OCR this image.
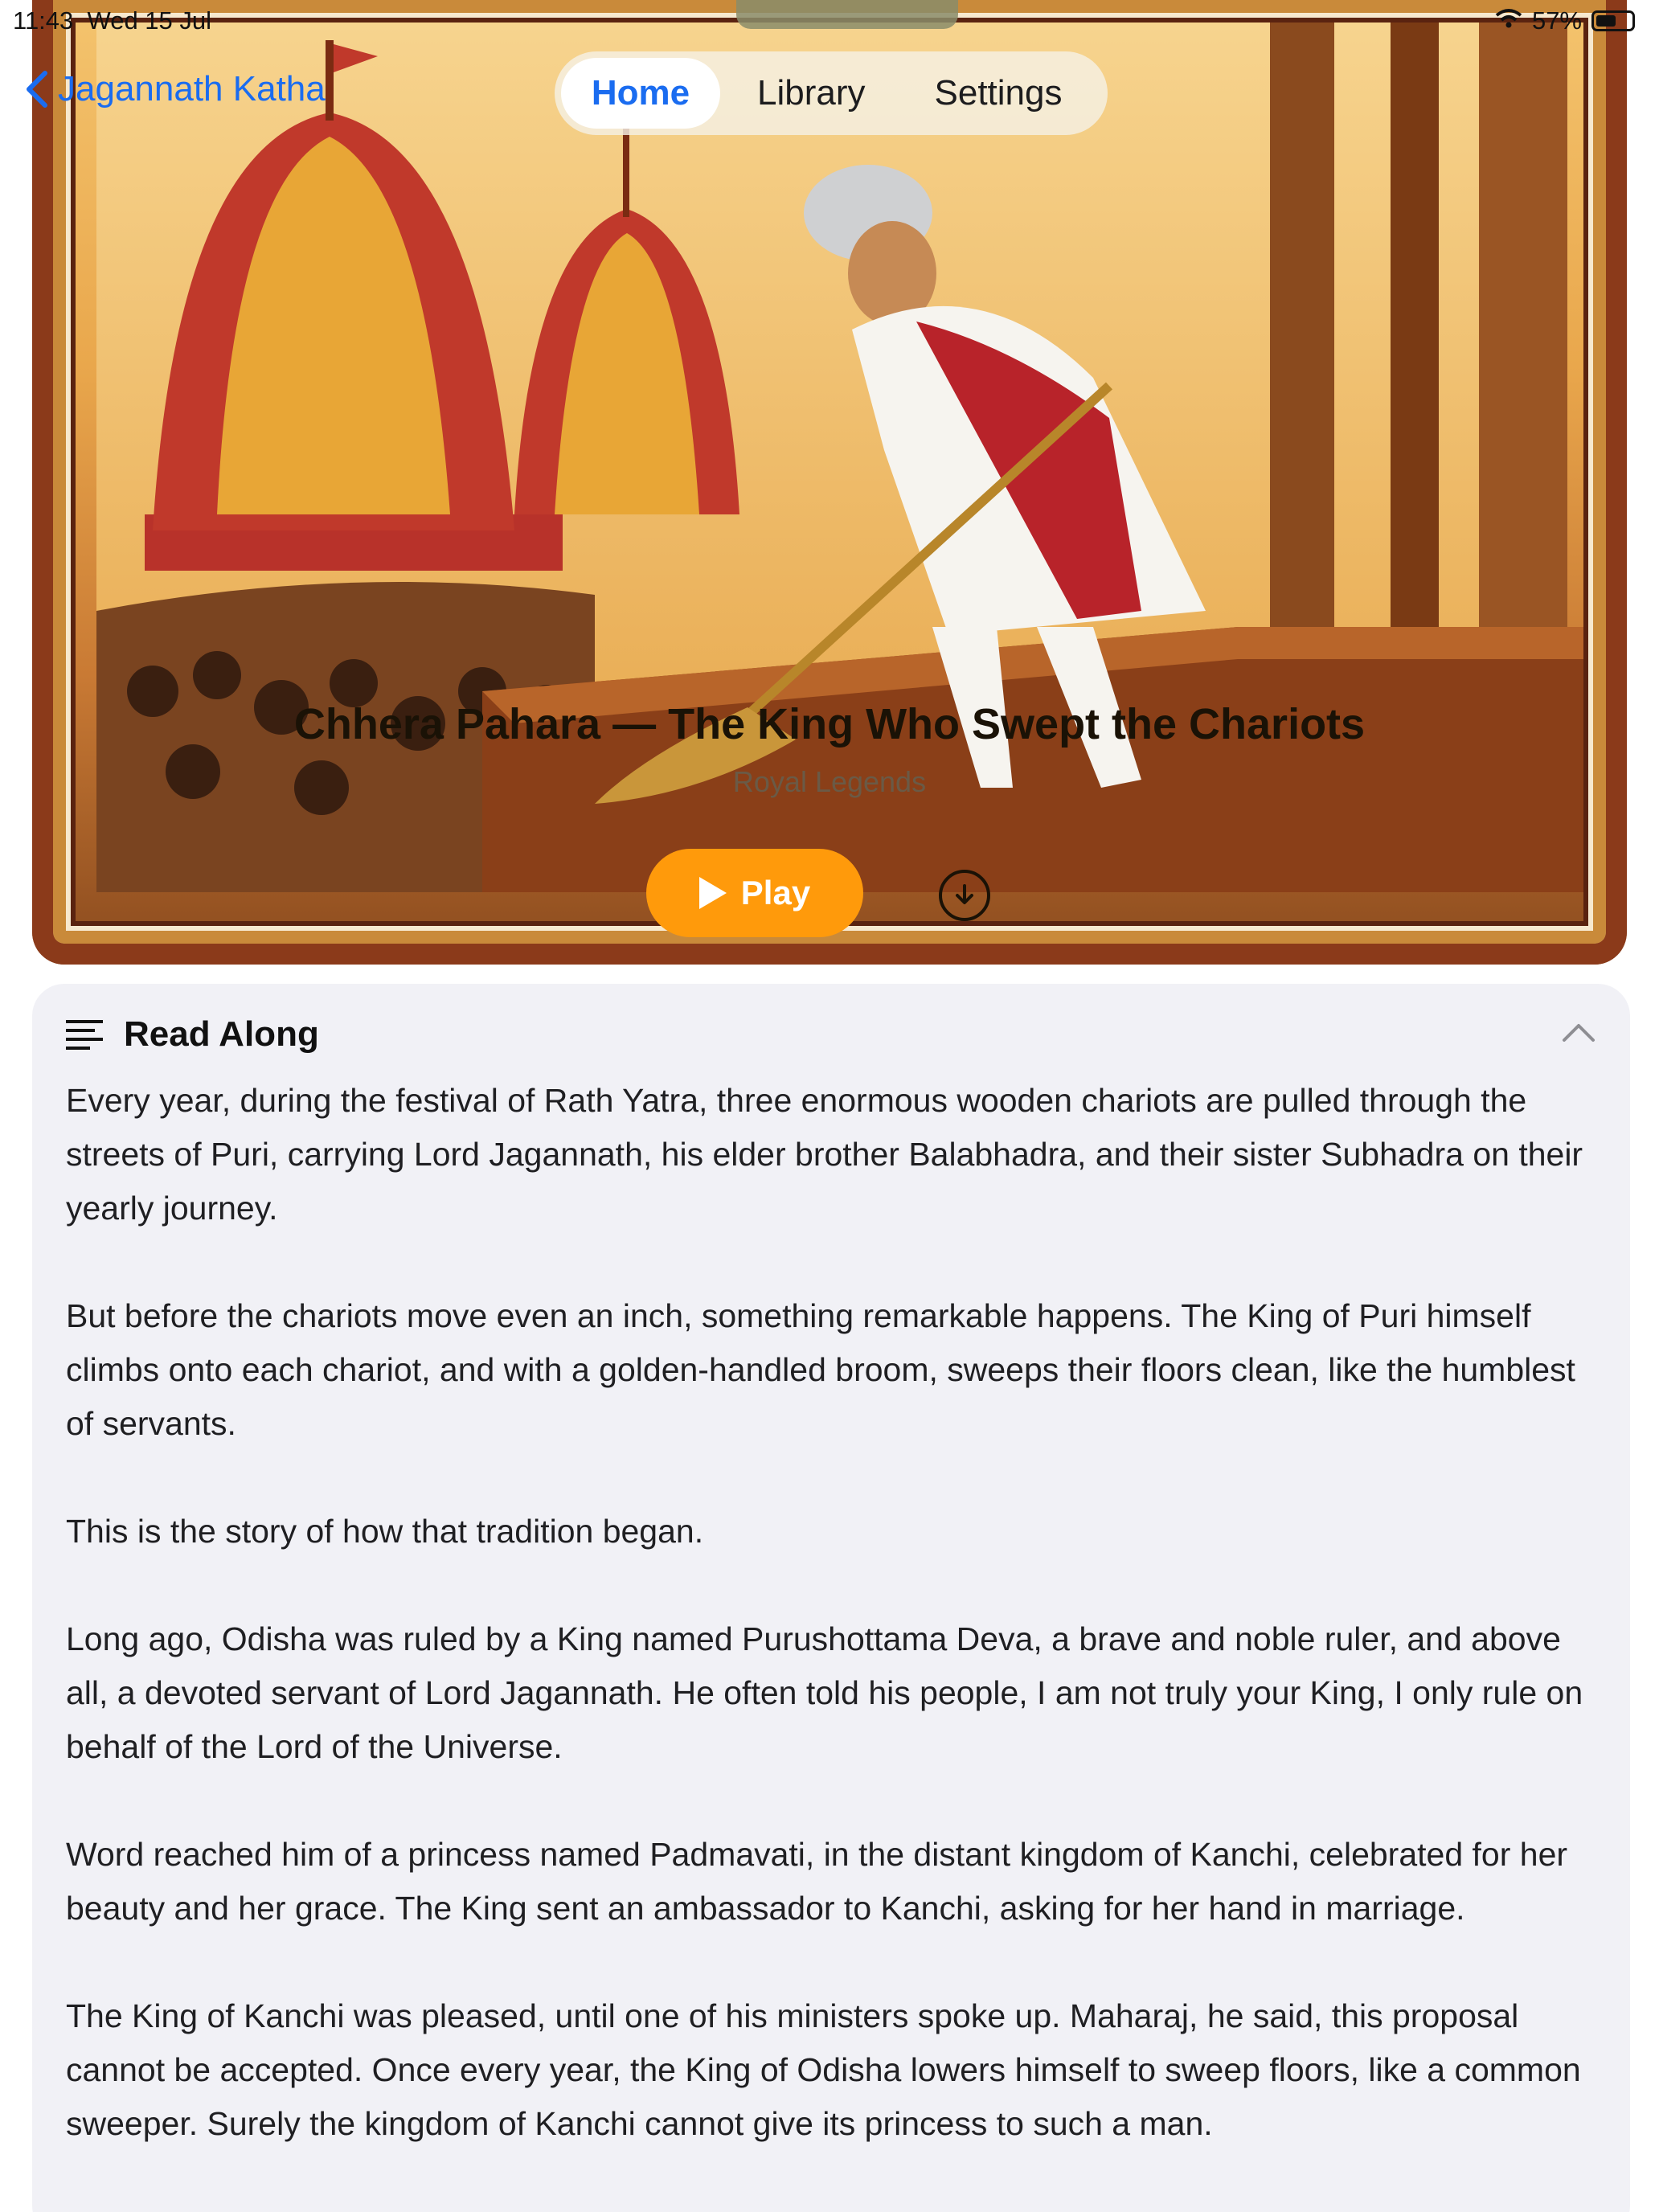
11:43 Wed 15 Jul	57%
Jagannath Katha	Home	Library	Settings
Chhera Pahara — The King Who Swept the Chariots
Royal Legends
Play
Read Along

Every year, during the festival of Rath Yatra, three enormous wooden chariots are pulled through the streets of Puri, carrying Lord Jagannath, his elder brother Balabhadra, and their sister Subhadra on their yearly journey.

But before the chariots move even an inch, something remarkable happens. The King of Puri himself climbs onto each chariot, and with a golden-handled broom, sweeps their floors clean, like the humblest of servants.

This is the story of how that tradition began.

Long ago, Odisha was ruled by a King named Purushottama Deva, a brave and noble ruler, and above all, a devoted servant of Lord Jagannath. He often told his people, I am not truly your King, I only rule on behalf of the Lord of the Universe.

Word reached him of a princess named Padmavati, in the distant kingdom of Kanchi, celebrated for her beauty and her grace. The King sent an ambassador to Kanchi, asking for her hand in marriage.

The King of Kanchi was pleased, until one of his ministers spoke up. Maharaj, he said, this proposal cannot be accepted. Once every year, the King of Odisha lowers himself to sweep floors, like a common sweeper. Surely the kingdom of Kanchi cannot give its princess to such a man.
